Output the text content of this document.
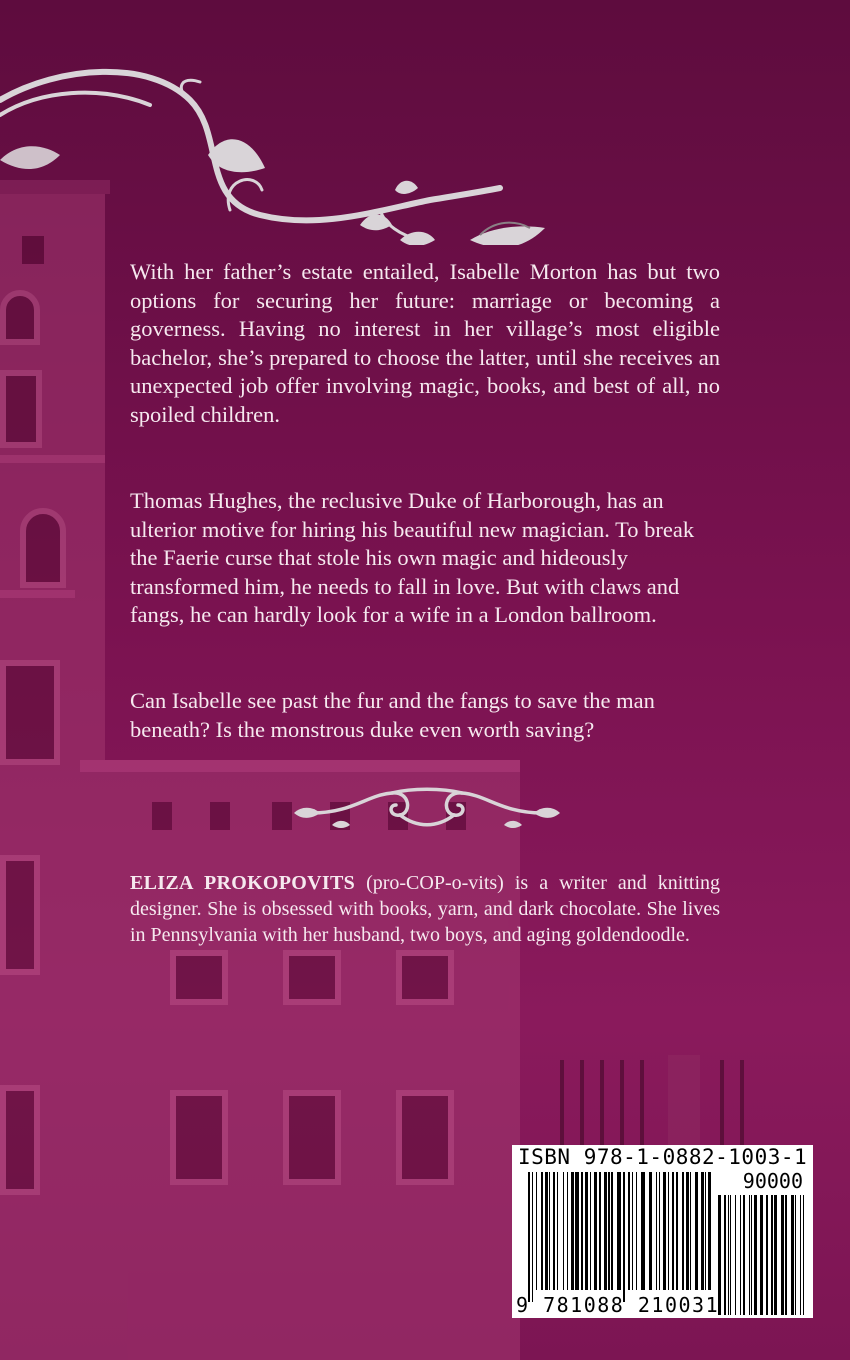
With her father’s estate entailed, Isabelle Morton has but two options for securing her future: marriage or becoming a governess. Having no interest in her village’s most eligible bachelor, she’s prepared to choose the latter, until she receives an unexpected job offer involving magic, books, and best of all, no spoiled children.

Thomas Hughes, the reclusive Duke of Harborough, has an ulterior motive for hiring his beautiful new magician. To break the Faerie curse that stole his own magic and hideously transformed him, he needs to fall in love. But with claws and fangs, he can hardly look for a wife in a London ballroom.

Can Isabelle see past the fur and the fangs to save the man beneath? Is the monstrous duke even worth saving?

ELIZA PROKOPOVITS (pro-COP-o-vits) is a writer and knitting designer. She is obsessed with books, yarn, and dark chocolate. She lives in Pennsylvania with her husband, two boys, and aging goldendoodle.

ISBN 978-1-0882-1003-1
90000
9 781088 210031
